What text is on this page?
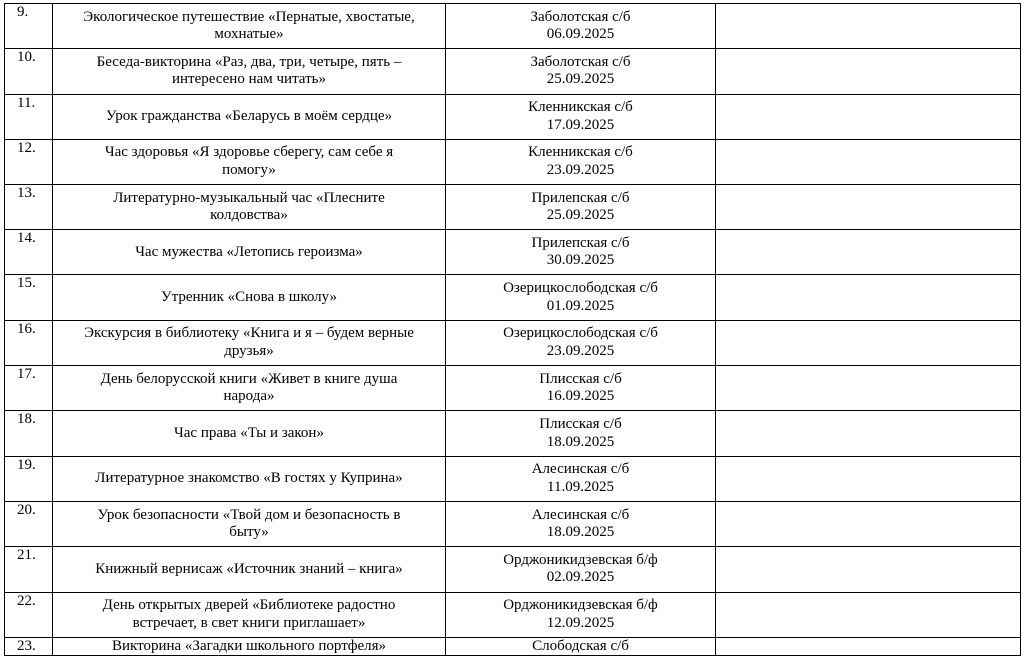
9.	Экологическое путешествие «Пернатые, хвостатые,
мохнатые»	Заболотская с/б
06.09.2025	

10.	Беседа-викторина «Раз, два, три, четыре, пять –
интересено нам читать»	Заболотская с/б
25.09.2025	

11.	Урок гражданства «Беларусь в моём сердце»	Кленникская с/б
17.09.2025	

12.	Час здоровья «Я здоровье сберегу, сам себе я
помогу»	Кленникская с/б
23.09.2025	

13.	Литературно-музыкальный час «Плесните
колдовства»	Прилепская с/б
25.09.2025	

14.	Час мужества «Летопись героизма»	Прилепская с/б
30.09.2025	

15.	Утренник «Снова в школу»	Озерицкослободская с/б
01.09.2025	

16.	Экскурсия в библиотеку «Книга и я – будем верные
друзья»	Озерицкослободская с/б
23.09.2025	

17.	День белорусской книги «Живет в книге душа
народа»	Плисская с/б
16.09.2025	

18.	Час права «Ты и закон»	Плисская с/б
18.09.2025	

19.	Литературное знакомство «В гостях у Куприна»	Алесинская с/б
11.09.2025	

20.	Урок безопасности «Твой дом и безопасность в
быту»	Алесинская с/б
18.09.2025	

21.	Книжный вернисаж «Источник знаний – книга»	Орджоникидзевская б/ф
02.09.2025	

22.	День открытых дверей «Библиотеке радостно
встречает, в свет книги приглашает»	Орджоникидзевская б/ф
12.09.2025	

23.	Викторина «Загадки школьного портфеля»	Слободская с/б	
